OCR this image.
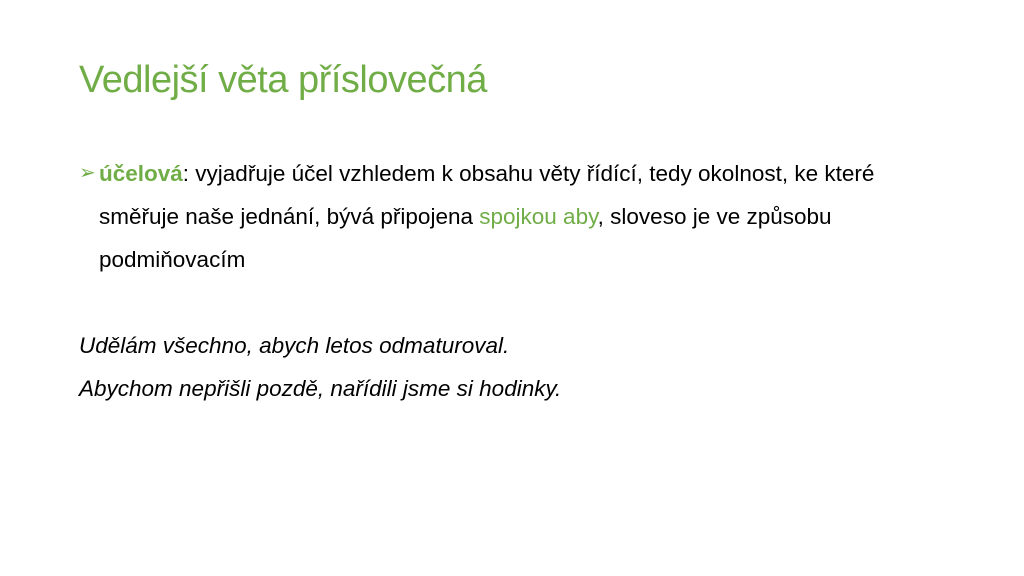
Vedlejší věta příslovečná

➢ účelová: vyjadřuje účel vzhledem k obsahu věty řídící, tedy okolnost, ke které směřuje naše jednání, bývá připojena spojkou aby, sloveso je ve způsobu podmiňovacím

Udělám všechno, abych letos odmaturoval.

Abychom nepřišli pozdě, nařídili jsme si hodinky.
